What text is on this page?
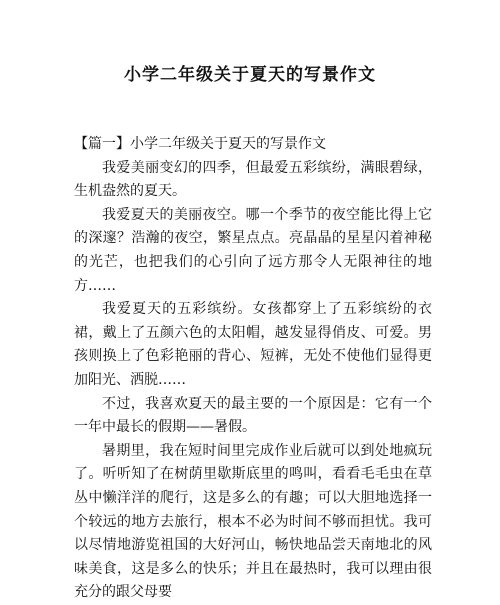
小学二年级关于夏天的写景作文

【篇一】小学二年级关于夏天的写景作文

我爱美丽变幻的四季，但最爱五彩缤纷，满眼碧绿，生机盎然的夏天。

我爱夏天的美丽夜空。哪一个季节的夜空能比得上它的深邃？浩瀚的夜空，繁星点点。亮晶晶的星星闪着神秘的光芒，也把我们的心引向了远方那令人无限神往的地方……

我爱夏天的五彩缤纷。女孩都穿上了五彩缤纷的衣裙，戴上了五颜六色的太阳帽，越发显得俏皮、可爱。男孩则换上了色彩艳丽的背心、短裤，无处不使他们显得更加阳光、洒脱……

不过，我喜欢夏天的最主要的一个原因是：它有一个一年中最长的假期——暑假。

暑期里，我在短时间里完成作业后就可以到处地疯玩了。听听知了在树荫里歇斯底里的鸣叫，看看毛毛虫在草丛中懒洋洋的爬行，这是多么的有趣；可以大胆地选择一个较远的地方去旅行，根本不必为时间不够而担忧。我可以尽情地游览祖国的大好河山，畅快地品尝天南地北的风味美食，这是多么的快乐；并且在最热时，我可以理由很充分的跟父母要
